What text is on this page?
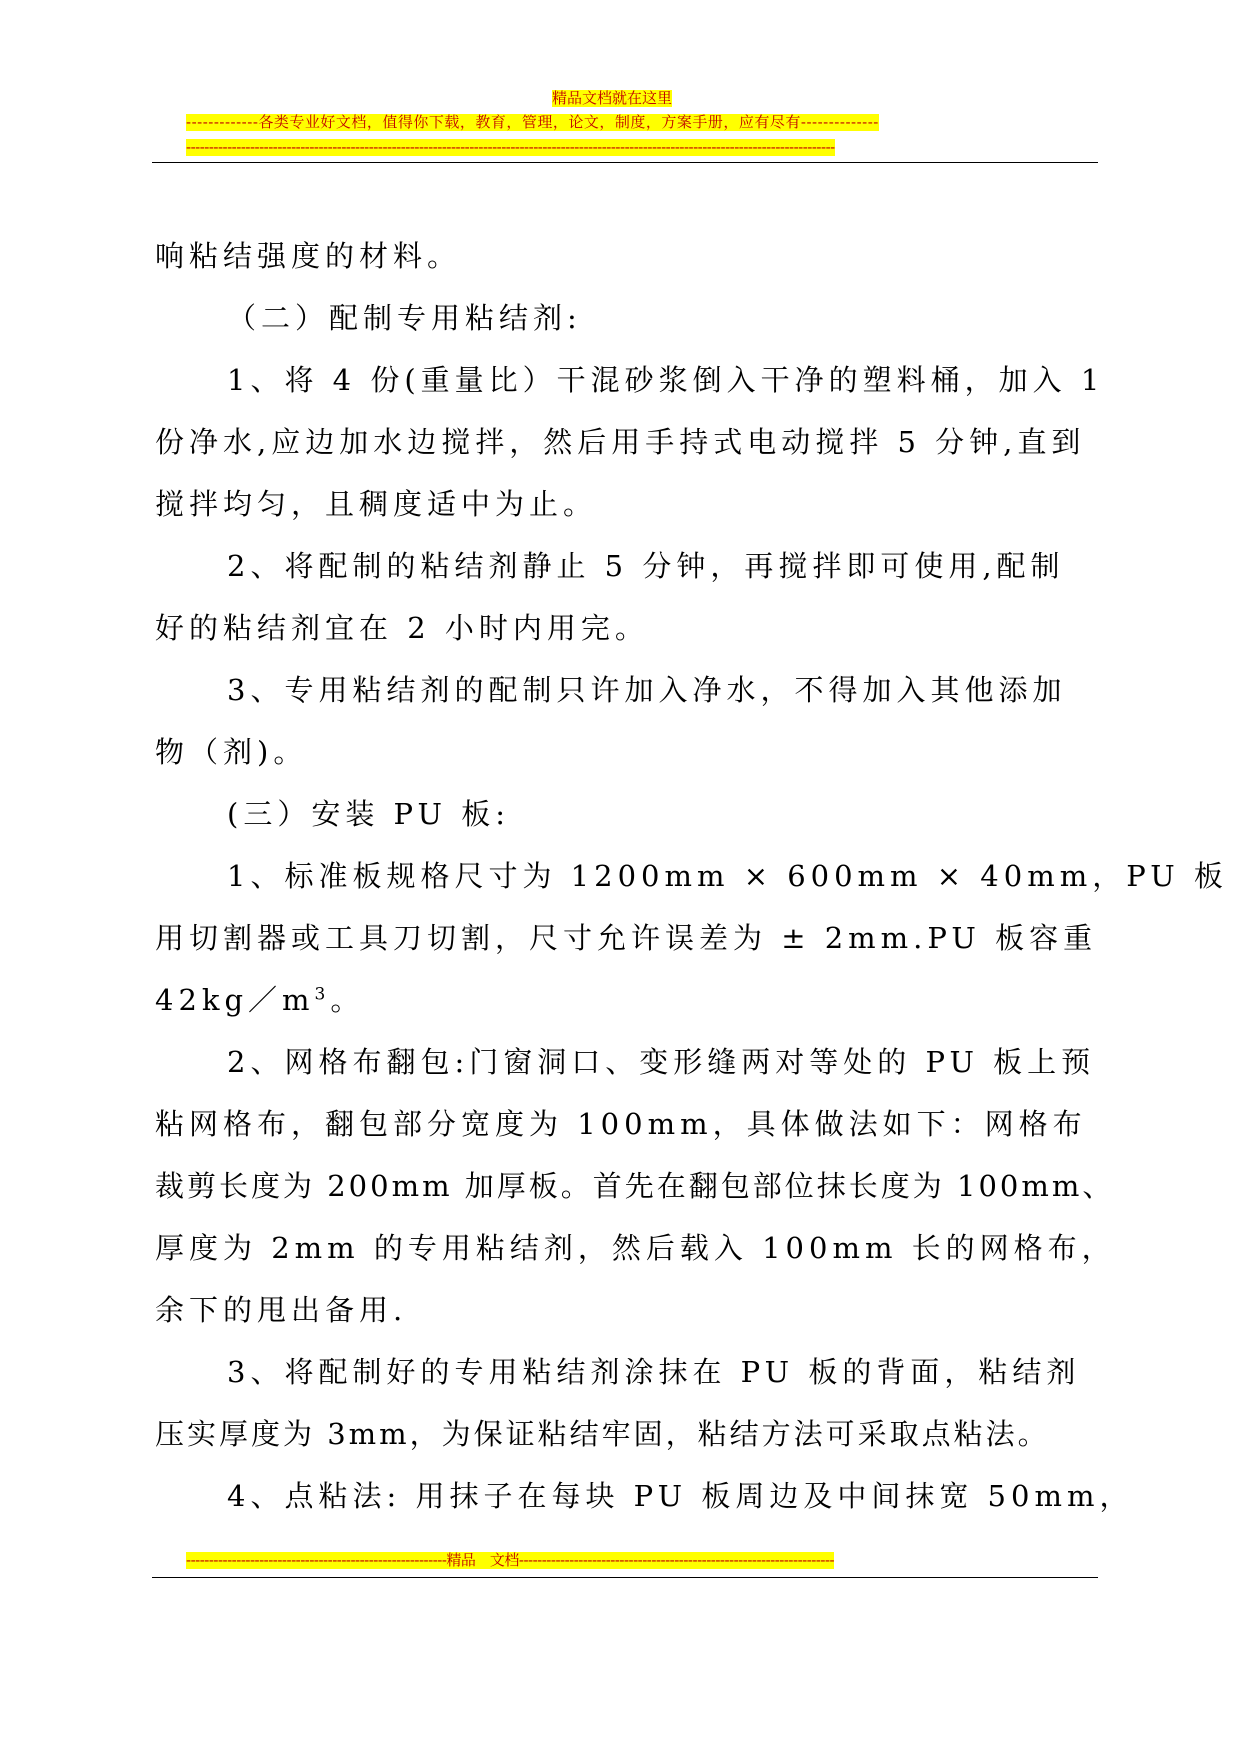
精品文档就在这里
-------------各类专业好文档，值得你下载，教育，管理，论文，制度，方案手册，应有尽有--------------
----------------------------------------------------------------------------------------------------------------------------------------------
响粘结强度的材料。
（二）配制专用粘结剂:
1、将 4 份(重量比）干混砂浆倒入干净的塑料桶，加入 1
份净水,应边加水边搅拌，然后用手持式电动搅拌 5 分钟,直到
搅拌均匀，且稠度适中为止。
2、将配制的粘结剂静止 5 分钟，再搅拌即可使用,配制
好的粘结剂宜在 2 小时内用完。
3、专用粘结剂的配制只许加入净水，不得加入其他添加
物（剂)。
(三）安装 PU 板:
1、标准板规格尺寸为 1200mm × 600mm × 40mm，PU 板
用切割器或工具刀切割，尺寸允许误差为 ± 2mm.PU 板容重
$42kg/m^3$。
2、网格布翻包:门窗洞口、变形缝两对等处的 PU 板上预
粘网格布，翻包部分宽度为 100mm，具体做法如下：网格布
裁剪长度为 200mm 加厚板。首先在翻包部位抹长度为 100mm、
厚度为 2mm 的专用粘结剂，然后载入 100mm 长的网格布，
余下的甩出备用.
3、将配制好的专用粘结剂涂抹在 PU 板的背面，粘结剂
压实厚度为 3mm，为保证粘结牢固，粘结方法可采取点粘法。
4、点粘法: 用抹子在每块 PU 板周边及中间抹宽 50mm，
---------------------------------------------------------精品　文档---------------------------------------------------------------------
